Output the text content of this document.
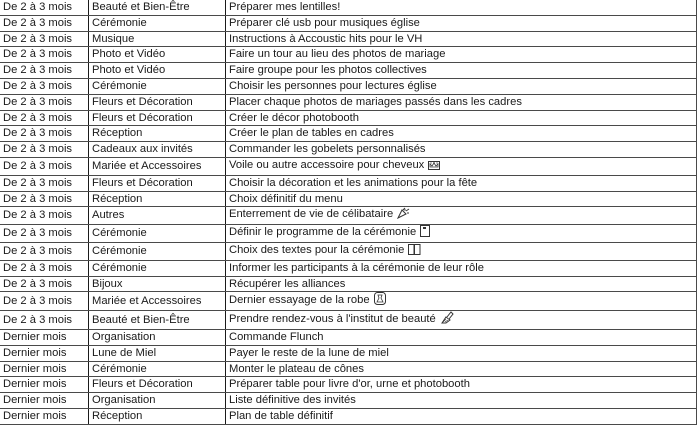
De 2 à 3 mois	Beauté et Bien-Être	Préparer mes lentilles!
De 2 à 3 mois	Cérémonie	Préparer clé usb pour musiques église
De 2 à 3 mois	Musique	Instructions à Accoustic hits pour le VH
De 2 à 3 mois	Photo et Vidéo	Faire un tour au lieu des photos de mariage
De 2 à 3 mois	Photo et Vidéo	Faire groupe pour les photos collectives
De 2 à 3 mois	Cérémonie	Choisir les personnes pour lectures église
De 2 à 3 mois	Fleurs et Décoration	Placer chaque photos de mariages passés dans les cadres
De 2 à 3 mois	Fleurs et Décoration	Créer le décor photobooth
De 2 à 3 mois	Réception	Créer le plan de tables en cadres
De 2 à 3 mois	Cadeaux aux invités	Commander les gobelets personnalisés
De 2 à 3 mois	Mariée et Accessoires	Voile ou autre accessoire pour cheveux
De 2 à 3 mois	Fleurs et Décoration	Choisir la décoration et les animations pour la fête
De 2 à 3 mois	Réception	Choix définitif du menu
De 2 à 3 mois	Autres	Enterrement de vie de célibataire
De 2 à 3 mois	Cérémonie	Définir le programme de la cérémonie
De 2 à 3 mois	Cérémonie	Choix des textes pour la cérémonie
De 2 à 3 mois	Cérémonie	Informer les participants à la cérémonie de leur rôle
De 2 à 3 mois	Bijoux	Récupérer les alliances
De 2 à 3 mois	Mariée et Accessoires	Dernier essayage de la robe
De 2 à 3 mois	Beauté et Bien-Être	Prendre rendez-vous à l'institut de beauté
Dernier mois	Organisation	Commande Flunch
Dernier mois	Lune de Miel	Payer le reste de la lune de miel
Dernier mois	Cérémonie	Monter le plateau de cônes
Dernier mois	Fleurs et Décoration	Préparer table pour livre d'or, urne et photobooth
Dernier mois	Organisation	Liste définitive des invités
Dernier mois	Réception	Plan de table définitif
